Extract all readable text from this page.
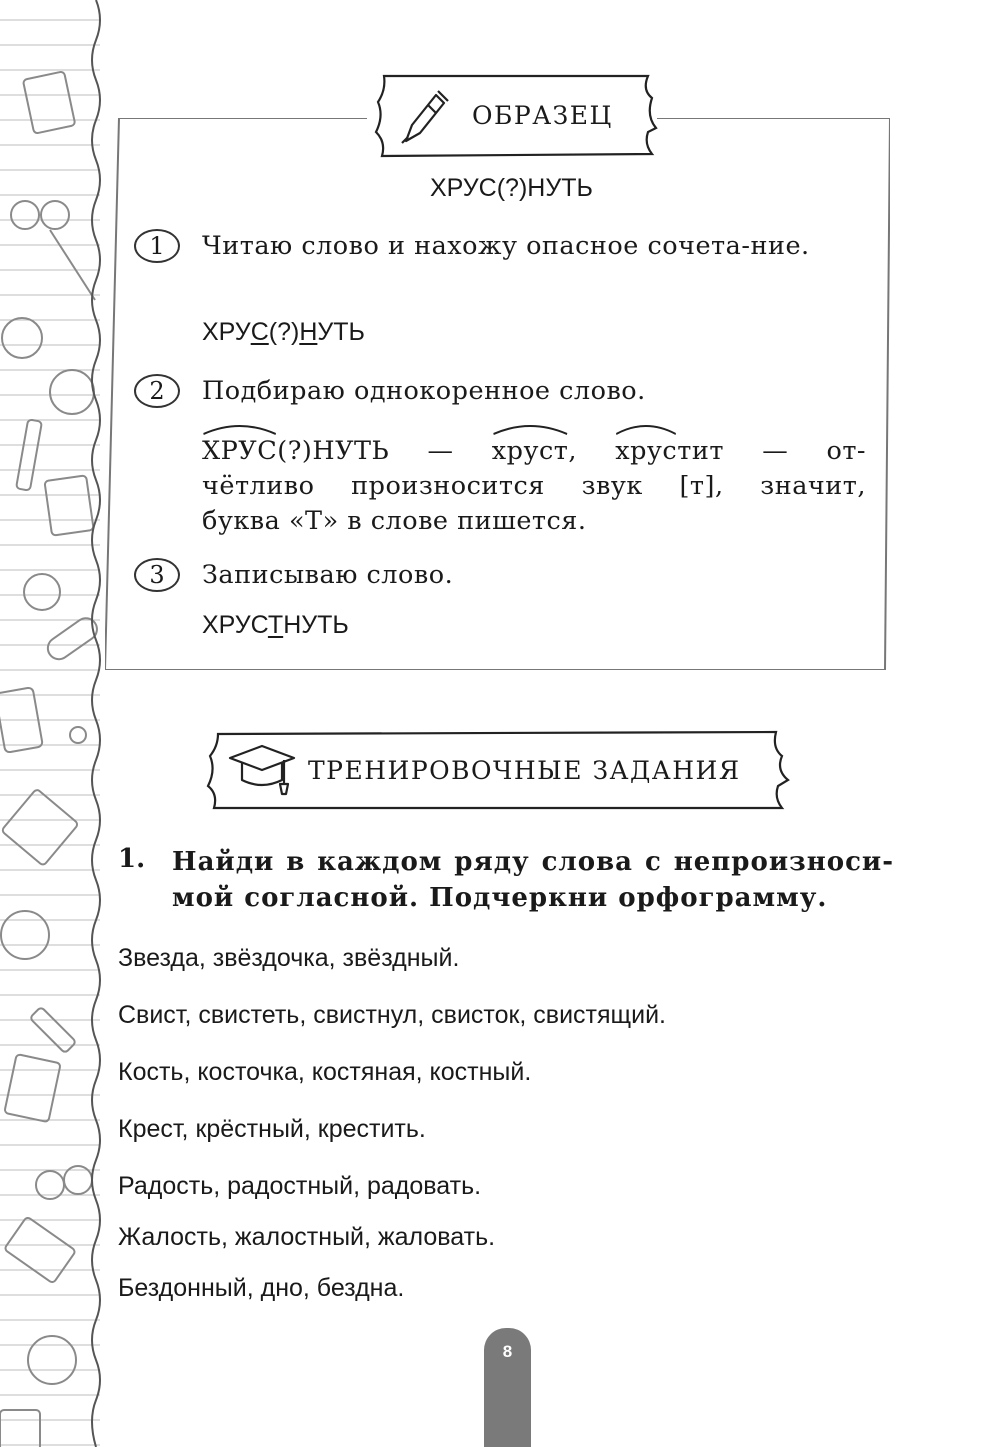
ОБРАЗЕЦ
ХРУС(?)НУТЬ
1	Читаю слово и нахожу опасное сочета-ние.
ХРУС(?)НУТЬ
2	Подбираю однокоренное слово.
ХРУС(?)НУТЬ — хруст, хрустит — от-
чётливо произносится звук [т], значит,
буква «Т» в слове пишется.
3	Записываю слово.
ХРУСТНУТЬ
ТРЕНИРОВОЧНЫЕ ЗАДАНИЯ
1. Найди в каждом ряду слова с непроизноси-мой согласной. Подчеркни орфограмму.
Звезда, звёздочка, звёздный.
Свист, свистеть, свистнул, свисток, свистящий.
Кость, косточка, костяная, костный.
Крест, крёстный, крестить.
Радость, радостный, радовать.
Жалость, жалостный, жаловать.
Бездонный, дно, бездна.
8
